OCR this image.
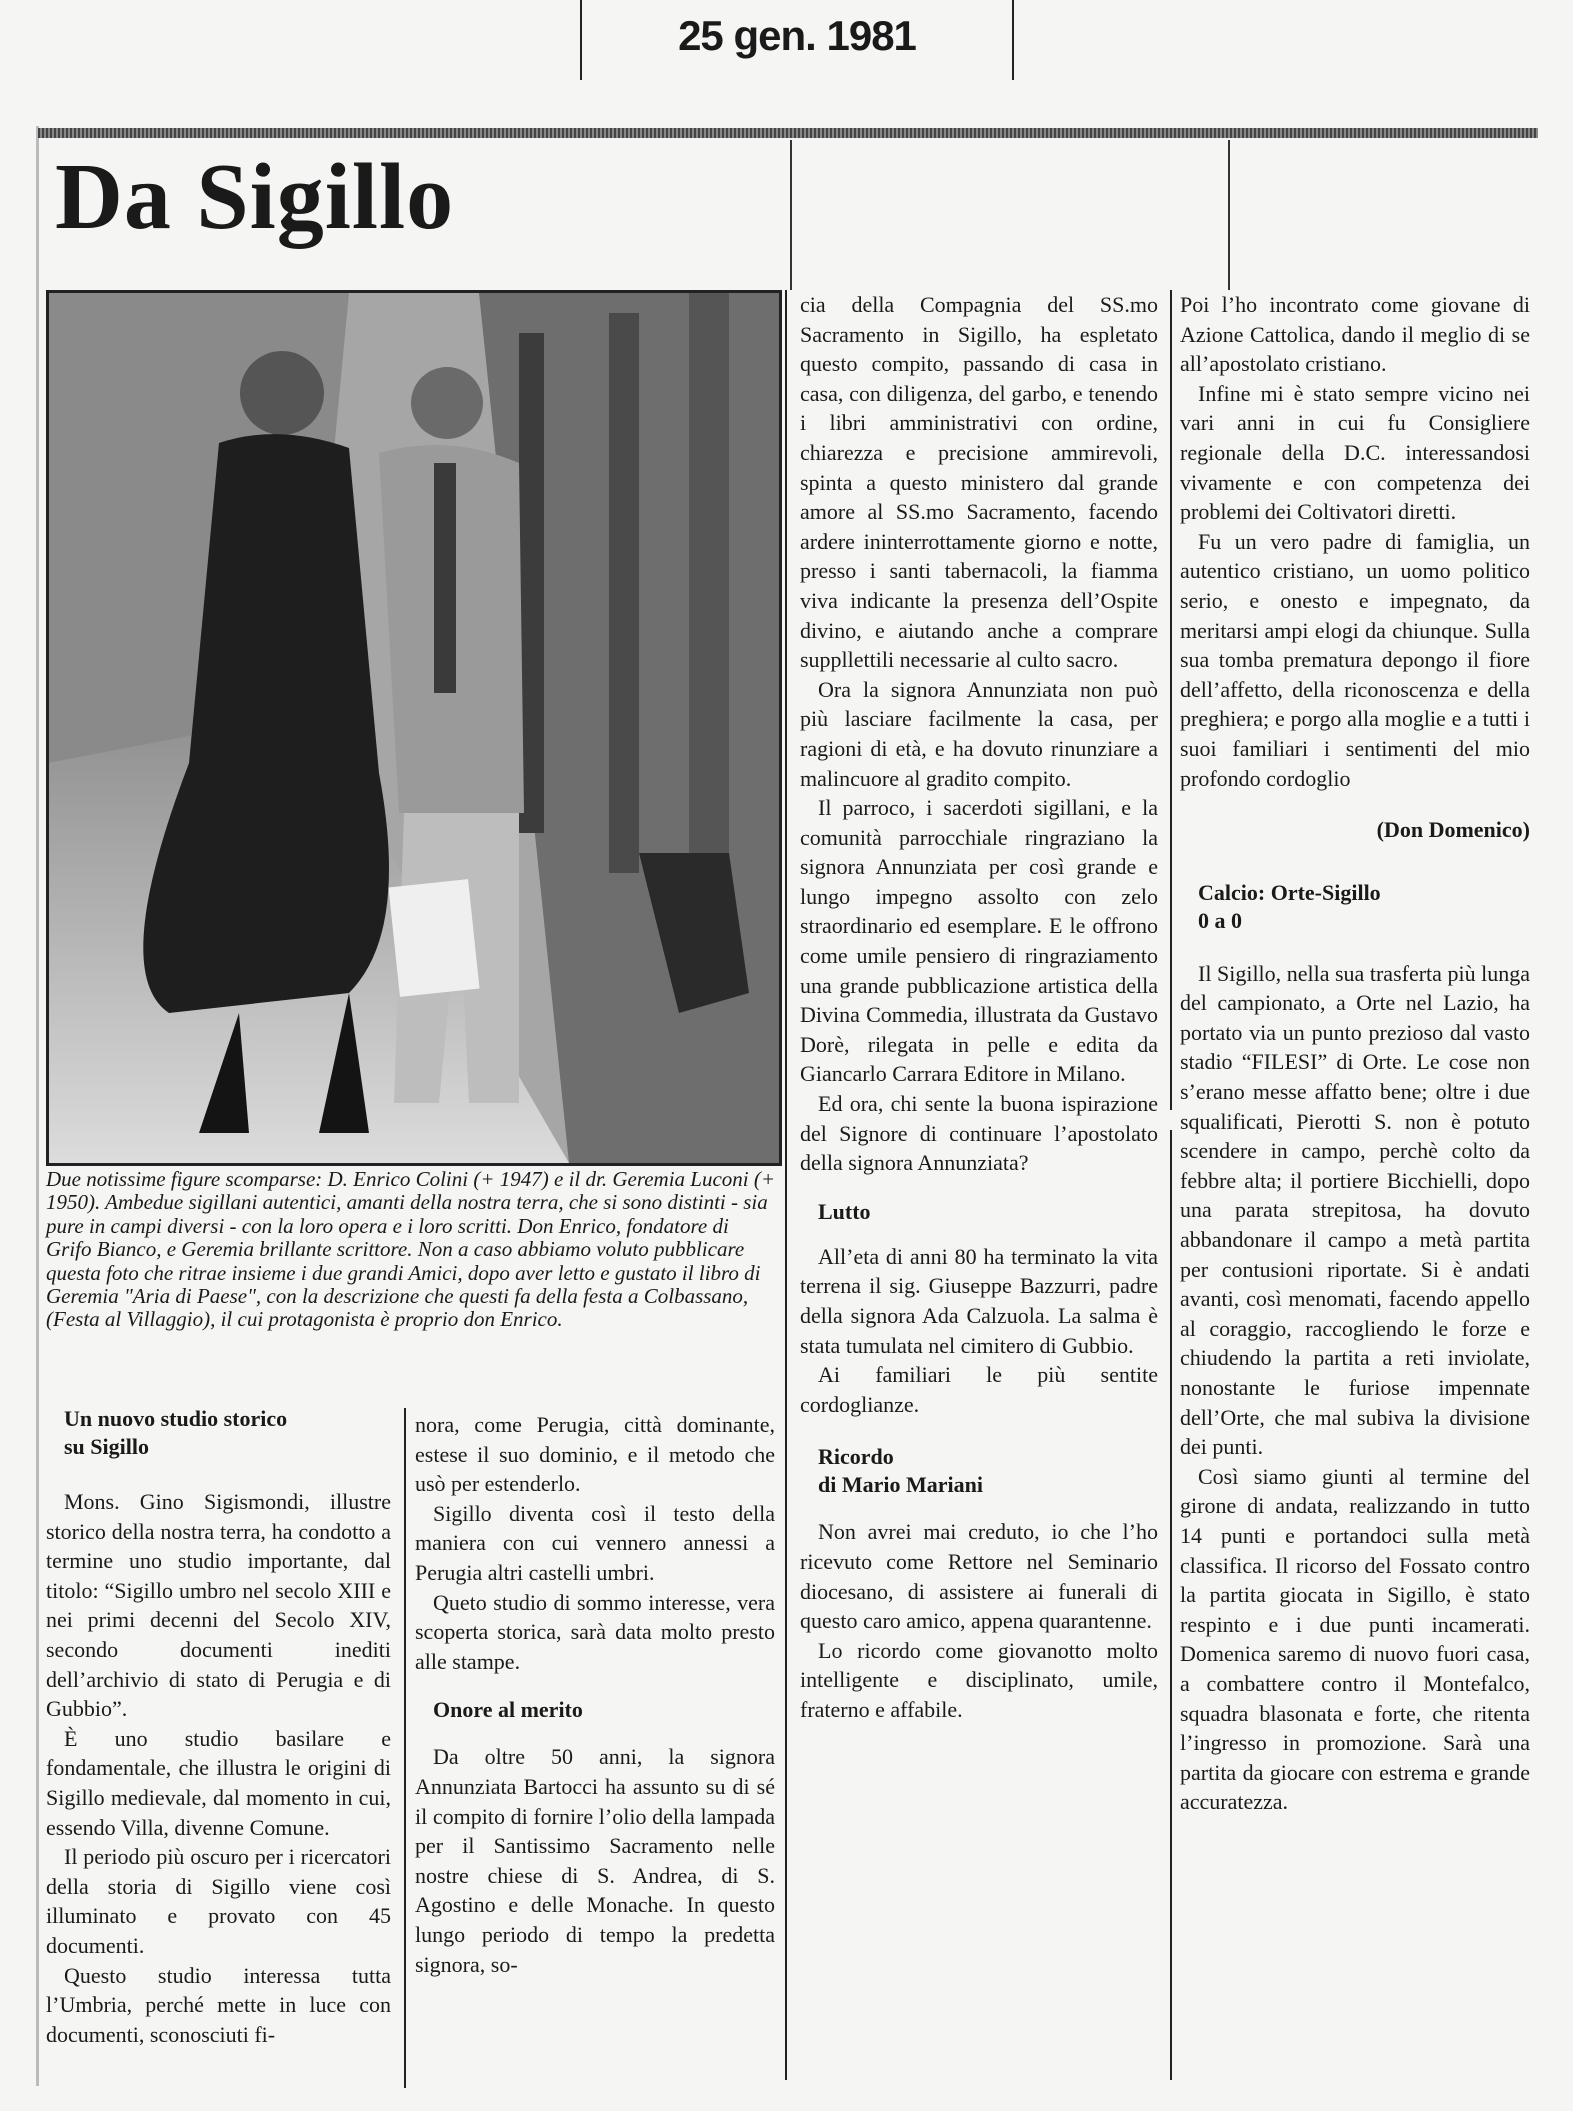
25 gen. 1981
Da Sigillo
Due notissime figure scomparse: D. Enrico Colini (+ 1947) e il dr. Geremia Luconi (+ 1950). Ambedue sigillani autentici, amanti della nostra terra, che si sono distinti - sia pure in campi diversi - con la loro opera e i loro scritti. Don Enrico, fondatore di Grifo Bianco, e Geremia brillante scrittore. Non a caso abbiamo voluto pubblicare questa foto che ritrae insieme i due grandi Amici, dopo aver letto e gustato il libro di Geremia "Aria di Paese", con la descrizione che questi fa della festa a Colbassano, (Festa al Villaggio), il cui protagonista è proprio don Enrico.

Un nuovo studio storico

su Sigillo

Mons. Gino Sigismondi, illustre storico della nostra terra, ha condotto a termine uno studio importante, dal titolo: “Sigillo umbro nel secolo XIII e nei primi decenni del Secolo XIV, secondo documenti inediti dell’archivio di stato di Perugia e di Gubbio”.

È uno studio basilare e fondamentale, che illustra le origini di Sigillo medievale, dal momento in cui, essendo Villa, divenne Comune.

Il periodo più oscuro per i ricercatori della storia di Sigillo viene così illuminato e provato con 45 documenti.

Questo studio interessa tutta l’Umbria, perché mette in luce con documenti, sconosciuti fi-

nora, come Perugia, città dominante, estese il suo dominio, e il metodo che usò per estenderlo.

Sigillo diventa così il testo della maniera con cui vennero annessi a Perugia altri castelli umbri.

Queto studio di sommo interesse, vera scoperta storica, sarà data molto presto alle stampe.

Onore al merito

Da oltre 50 anni, la signora Annunziata Bartocci ha assunto su di sé il compito di fornire l’olio della lampada per il Santissimo Sacramento nelle nostre chiese di S. Andrea, di S. Agostino e delle Monache. In questo lungo periodo di tempo la predetta signora, so-

cia della Compagnia del SS.mo Sacramento in Sigillo, ha espletato questo compito, passando di casa in casa, con diligenza, del garbo, e tenendo i libri amministrativi con ordine, chiarezza e precisione ammirevoli, spinta a questo ministero dal grande amore al SS.mo Sacramento, facendo ardere ininterrottamente giorno e notte, presso i santi tabernacoli, la fiamma viva indicante la presenza dell’Ospite divino, e aiutando anche a comprare suppllettili necessarie al culto sacro.

Ora la signora Annunziata non può più lasciare facilmente la casa, per ragioni di età, e ha dovuto rinunziare a malincuore al gradito compito.

Il parroco, i sacerdoti sigillani, e la comunità parrocchiale ringraziano la signora Annunziata per così grande e lungo impegno assolto con zelo straordinario ed esemplare. E le offrono come umile pensiero di ringraziamento una grande pubblicazione artistica della Divina Commedia, illustrata da Gustavo Dorè, rilegata in pelle e edita da Giancarlo Carrara Editore in Milano.

Ed ora, chi sente la buona ispirazione del Signore di continuare l’apostolato della signora Annunziata?

Lutto

All’eta di anni 80 ha terminato la vita terrena il sig. Giuseppe Bazzurri, padre della signora Ada Calzuola. La salma è stata tumulata nel cimitero di Gubbio.

Ai familiari le più sentite cordoglianze.

Ricordo

di Mario Mariani

Non avrei mai creduto, io che l’ho ricevuto come Rettore nel Seminario diocesano, di assistere ai funerali di questo caro amico, appena quarantenne.

Lo ricordo come giovanotto molto intelligente e disciplinato, umile, fraterno e affabile.

Poi l’ho incontrato come giovane di Azione Cattolica, dando il meglio di se all’apostolato cristiano.

Infine mi è stato sempre vicino nei vari anni in cui fu Consigliere regionale della D.C. interessandosi vivamente e con competenza dei problemi dei Coltivatori diretti.

Fu un vero padre di famiglia, un autentico cristiano, un uomo politico serio, e onesto e impegnato, da meritarsi ampi elogi da chiunque. Sulla sua tomba prematura depongo il fiore dell’affetto, della riconoscenza e della preghiera; e porgo alla moglie e a tutti i suoi familiari i sentimenti del mio profondo cordoglio

(Don Domenico)

Calcio: Orte-Sigillo

0 a 0

Il Sigillo, nella sua trasferta più lunga del campionato, a Orte nel Lazio, ha portato via un punto prezioso dal vasto stadio “FILESI” di Orte. Le cose non s’erano messe affatto bene; oltre i due squalificati, Pierotti S. non è potuto scendere in campo, perchè colto da febbre alta; il portiere Bicchielli, dopo una parata strepitosa, ha dovuto abbandonare il campo a metà partita per contusioni riportate. Si è andati avanti, così menomati, facendo appello al coraggio, raccogliendo le forze e chiudendo la partita a reti inviolate, nonostante le furiose impennate dell’Orte, che mal subiva la divisione dei punti.

Così siamo giunti al termine del girone di andata, realizzando in tutto 14 punti e portandoci sulla metà classifica. Il ricorso del Fossato contro la partita giocata in Sigillo, è stato respinto e i due punti incamerati. Domenica saremo di nuovo fuori casa, a combattere contro il Montefalco, squadra blasonata e forte, che ritenta l’ingresso in promozione. Sarà una partita da giocare con estrema e grande accuratezza.
